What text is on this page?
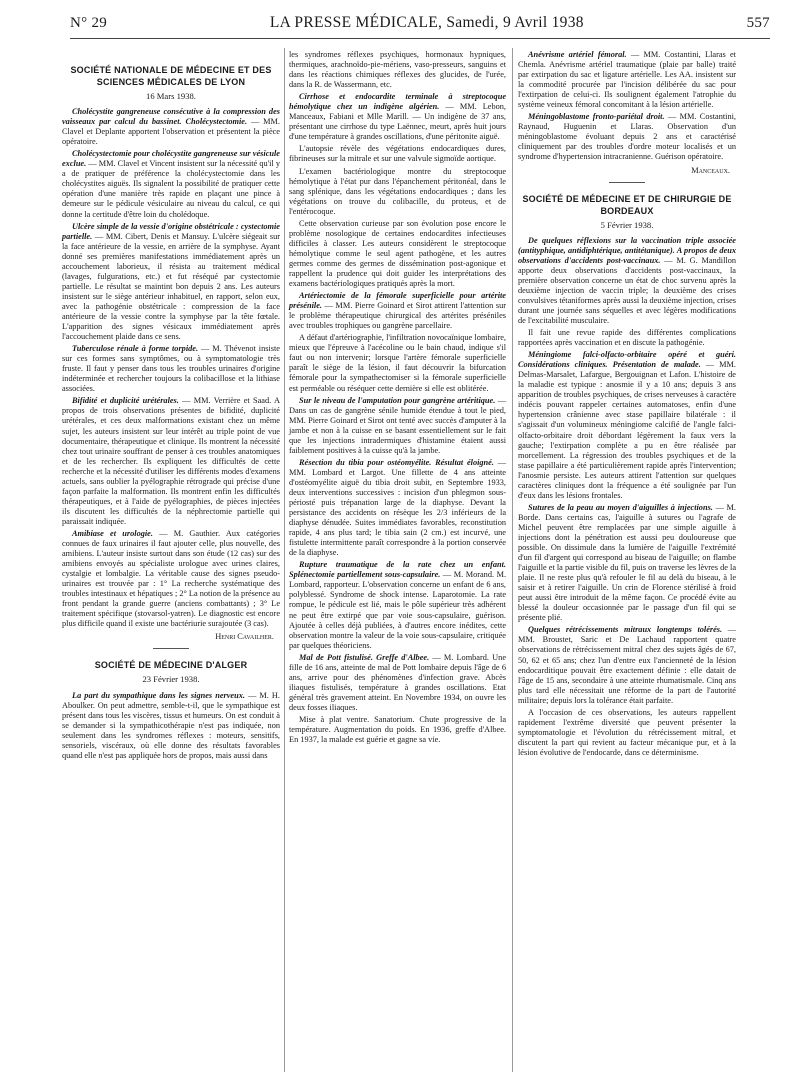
N° 29	LA PRESSE MÉDICALE, Samedi, 9 Avril 1938	557

SOCIÉTÉ NATIONALE DE MÉDECINE ET DES SCIENCES MÉDICALES DE LYON

16 Mars 1938.

Cholécystite gangreneuse consécutive à la compression des vaisseaux par calcul du bassinet. Cholécystectomie. — MM. Clavel et Deplante apportent l'observation et présentent la pièce opératoire.

Cholécystectomie pour cholécystite gangreneuse sur vésicule exclue. — MM. Clavel et Vincent insistent sur la nécessité qu'il y a de pratiquer de préférence la cholécystectomie dans les cholécystites aiguës. Ils signalent la possibilité de pratiquer cette opération d'une manière très rapide en plaçant une pince à demeure sur le pédicule vésiculaire au niveau du calcul, ce qui donne la certitude d'être loin du cholédoque.

Ulcère simple de la vessie d'origine obstétricale : cystectomie partielle. — MM. Cibert, Denis et Mansuy. L'ulcère siégeait sur la face antérieure de la vessie, en arrière de la symphyse. Ayant donné ses premières manifestations immédiatement après un accouchement laborieux, il résista au traitement médical (lavages, fulgurations, etc.) et fut réséqué par cystectomie partielle. Le résultat se maintint bon depuis 2 ans. Les auteurs insistent sur le siège antérieur inhabituel, en rapport, selon eux, avec la pathogénie obstétricale : compression de la face antérieure de la vessie contre la symphyse par la tête fœtale. L'apparition des signes vésicaux immédiatement après l'accouchement plaide dans ce sens.

Tuberculose rénale à forme torpide. — M. Thévenot insiste sur ces formes sans symptômes, ou à symptomatologie très fruste. Il faut y penser dans tous les troubles urinaires d'origine indéterminée et rechercher toujours la colibacillose et la lithiase associées.

Bifidité et duplicité urétérales. — MM. Verrière et Saad. A propos de trois observations présentes de bifidité, duplicité urétérales, et ces deux malformations existant chez un même sujet, les auteurs insistent sur leur intérêt au triple point de vue documentaire, thérapeutique et clinique. Ils montrent la nécessité chez tout urinaire souffrant de penser à ces troubles anatomiques et de les rechercher. Ils expliquent les difficultés de cette recherche et la nécessité d'utiliser les différents modes d'examens actuels, sans oublier la pyélographie rétrograde qui précise d'une façon parfaite la malformation. Ils montrent enfin les difficultés thérapeutiques, et à l'aide de pyélographies, de pièces injectées ils discutent les difficultés de la néphrectomie partielle qui paraissait indiquée.

Amibiase et urologie. — M. Gauthier. Aux catégories connues de faux urinaires il faut ajouter celle, plus nouvelle, des amibiens. L'auteur insiste surtout dans son étude (12 cas) sur des amibiens envoyés au spécialiste urologue avec urines claires, cystalgie et lombalgie. La véritable cause des signes pseudo-urinaires est trouvée par : 1° La recherche systématique des troubles intestinaux et hépatiques ; 2° La notion de la présence au front pendant la grande guerre (anciens combattants) ; 3° Le traitement spécifique (stovarsol-yatren). Le diagnostic est encore plus difficile quand il existe une bactériurie surajoutée (3 cas).

Henri Cavailher.

SOCIÉTÉ DE MÉDECINE D'ALGER

23 Février 1938.

La part du sympathique dans les signes nerveux. — M. H. Aboulker. On peut admettre, semble-t-il, que le sympathique est présent dans tous les viscères, tissus et humeurs. On est conduit à se demander si la sympathicothérapie n'est pas indiquée, non seulement dans les syndromes réflexes : moteurs, sensitifs, sensoriels, viscéraux, où elle donne des résultats favorables quand elle n'est pas appliquée hors de propos, mais aussi dans

les syndromes réflexes psychiques, hormonaux hypniques, thermiques, arachnoïdo-pie-mériens, vaso-presseurs, sanguins et dans les réactions chimiques réflexes des glucides, de l'urée, dans la R. de Wassermann, etc.

Cirrhose et endocardite terminale à streptocoque hémolytique chez un indigène algérien. — MM. Lebon, Manceaux, Fabiani et Mlle Marill. — Un indigène de 37 ans, présentant une cirrhose du type Laënnec, meurt, après huit jours d'une température à grandes oscillations, d'une péritonite aiguë.

L'autopsie révèle des végétations endocardiques dures, fibrineuses sur la mitrale et sur une valvule sigmoïde aortique.

L'examen bactériologique montre du streptocoque hémolytique à l'état pur dans l'épanchement péritonéal, dans le sang splénique, dans les végétations endocardiques ; dans les végétations on trouve du colibacille, du proteus, et de l'entérocoque.

Cette observation curieuse par son évolution pose encore le problème nosologique de certaines endocardites infectieuses difficiles à classer. Les auteurs considèrent le streptocoque hémolytique comme le seul agent pathogène, et les autres germes comme des germes de dissémination post-agonique et rappellent la prudence qui doit guider les interprétations des examens bactériologiques pratiqués après la mort.

Artériectomie de la fémorale superficielle pour artérite présénile. — MM. Pierre Goinard et Sirot attirent l'attention sur le problème thérapeutique chirurgical des artérites préséniles avec troubles trophiques ou gangrène parcellaire.

A défaut d'artériographie, l'infiltration novocaïnique lombaire, mieux que l'épreuve à l'acécoline ou le bain chaud, indique s'il faut ou non intervenir; lorsque l'artère fémorale superficielle paraît le siège de la lésion, il faut découvrir la bifurcation fémorale pour la sympathectomiser si la fémorale superficielle est perméable ou réséquer cette dernière si elle est oblitérée.

Sur le niveau de l'amputation pour gangrène artéritique. — Dans un cas de gangrène sénile humide étendue à tout le pied, MM. Pierre Goinard et Sirot ont tenté avec succès d'amputer à la jambe et non à la cuisse en se basant essentiellement sur le fait que les injections intradermiques d'histamine étaient aussi faiblement positives à la cuisse qu'à la jambe.

Résection du tibia pour ostéomyélite. Résultat éloigné. — MM. Lombard et Largot. Une fillette de 4 ans atteinte d'ostéomyélite aiguë du tibia droit subit, en Septembre 1933, deux interventions successives : incision d'un phlegmon sous-périosté puis trépanation large de la diaphyse. Devant la persistance des accidents on résèque les 2/3 inférieurs de la diaphyse dénudée. Suites immédiates favorables, reconstitution rapide, 4 ans plus tard; le tibia sain (2 cm.) est incurvé, une fistulette intermittente paraît correspondre à la portion conservée de la diaphyse.

Rupture traumatique de la rate chez un enfant. Splénectomie partiellement sous-capsulaire. — M. Morand. M. Lombard, rapporteur. L'observation concerne un enfant de 6 ans, polyblessé. Syndrome de shock intense. Laparotomie. La rate rompue, le pédicule est lié, mais le pôle supérieur très adhérent ne peut être extirpé que par voie sous-capsulaire, guérison. Ajoutée à celles déjà publiées, à d'autres encore inédites, cette observation montre la valeur de la voie sous-capsulaire, critiquée par quelques théoriciens.

Mal de Pott fistulisé. Greffe d'Albee. — M. Lombard. Une fille de 16 ans, atteinte de mal de Pott lombaire depuis l'âge de 6 ans, arrive pour des phénomènes d'infection grave. Abcès iliaques fistulisés, température à grandes oscillations. Etat général très gravement atteint. En Novembre 1934, on ouvre les deux fosses iliaques.

Mise à plat ventre. Sanatorium. Chute progressive de la température. Augmentation du poids. En 1936, greffe d'Albee. En 1937, la malade est guérie et gagne sa vie.

Anévrisme artériel fémoral. — MM. Costantini, Llaras et Chemla. Anévrisme artériel traumatique (plaie par balle) traité par extirpation du sac et ligature artérielle. Les AA. insistent sur la commodité procurée par l'incision délibérée du sac pour l'extirpation de celui-ci. Ils soulignent également l'atrophie du système veineux fémoral concomitant à la lésion artérielle.

Méningoblastome fronto-pariétal droit. — MM. Costantini, Raynaud, Huguenin et Llaras. Observation d'un méningoblastome évoluant depuis 2 ans et caractérisé cliniquement par des troubles d'ordre moteur localisés et un syndrome d'hypertension intracranienne. Guérison opératoire.

Manceaux.

SOCIÉTÉ DE MÉDECINE ET DE CHIRURGIE DE BORDEAUX

5 Février 1938.

De quelques réflexions sur la vaccination triple associée (antityphique, antidiphtérique, antitétanique). A propos de deux observations d'accidents post-vaccinaux. — M. G. Mandillon apporte deux observations d'accidents post-vaccinaux, la première observation concerne un état de choc survenu après la deuxième injection de vaccin triple; la deuxième des crises convulsives tétaniformes après aussi la deuxième injection, crises durant une journée sans séquelles et avec légères modifications de l'excitabilité musculaire.

Il fait une revue rapide des différentes complications rapportées après vaccination et en discute la pathogénie.

Méningiome falci-olfacto-orbitaire opéré et guéri. Considérations cliniques. Présentation de malade. — MM. Delmas-Marsalet, Lafargue, Bergouignan et Lafon. L'histoire de la maladie est typique : anosmie il y a 10 ans; depuis 3 ans apparition de troubles psychiques, de crises nerveuses à caractère indécis pouvant rappeler certaines automatoses, enfin d'une hypertension crânienne avec stase papillaire bilatérale : il s'agissait d'un volumineux méningiome calcifié de l'angle falci-olfacto-orbitaire droit débordant légèrement la faux vers la gauche; l'extirpation complète a pu en être réalisée par morcellement. La régression des troubles psychiques et de la stase papillaire a été particulièrement rapide après l'intervention; l'anosmie persiste. Les auteurs attirent l'attention sur quelques caractères cliniques dont la fréquence a été soulignée par l'un d'eux dans les lésions frontales.

Sutures de la peau au moyen d'aiguilles à injections. — M. Borde. Dans certains cas, l'aiguille à sutures ou l'agrafe de Michel peuvent être remplacées par une simple aiguille à injections dont la pénétration est aussi peu douloureuse que possible. On dissimule dans la lumière de l'aiguille l'extrémité d'un fil d'argent qui correspond au biseau de l'aiguille; on flambe l'aiguille et la partie visible du fil, puis on traverse les lèvres de la plaie. Il ne reste plus qu'à refouler le fil au delà du biseau, à le saisir et à retirer l'aiguille. Un crin de Florence stérilisé à froid peut aussi être introduit de la même façon. Ce procédé évite au blessé la douleur occasionnée par le passage d'un fil qui se présente plié.

Quelques rétrécissements mitraux longtemps tolérés. — MM. Broustet, Saric et De Lachaud rapportent quatre observations de rétrécissement mitral chez des sujets âgés de 67, 50, 62 et 65 ans; chez l'un d'entre eux l'ancienneté de la lésion endocarditique pouvait être exactement définie : elle datait de l'âge de 15 ans, secondaire à une atteinte rhumatismale. Cinq ans plus tard elle nécessitait une réforme de la part de l'autorité militaire; depuis lors la tolérance était parfaite.

A l'occasion de ces observations, les auteurs rappellent rapidement l'extrême diversité que peuvent présenter la symptomatologie et l'évolution du rétrécissement mitral, et discutent la part qui revient au facteur mécanique pur, et à la lésion évolutive de l'endocarde, dans ce déterminisme.
